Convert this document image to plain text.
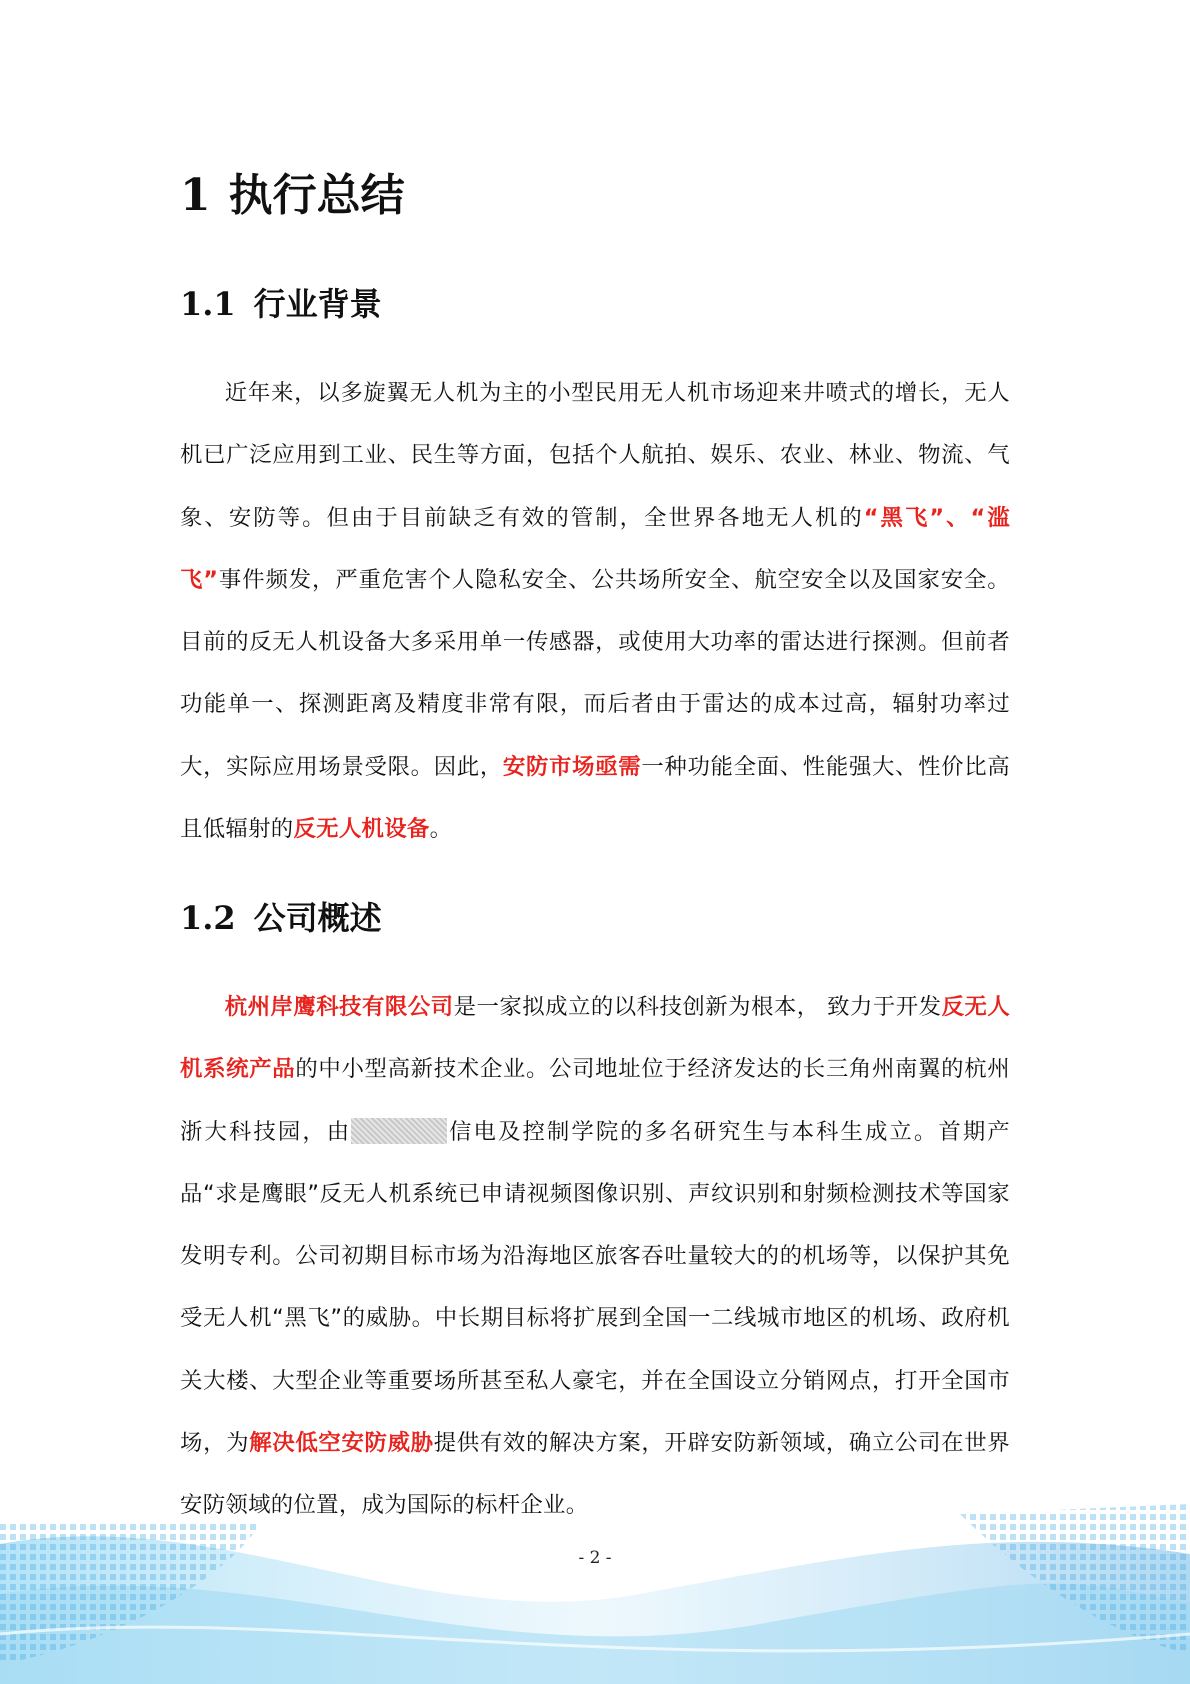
1 执行总结
1.1 行业背景

近年来，以多旋翼无人机为主的小型民用无人机市场迎来井喷式的增长，无人机已广泛应用到工业、民生等方面，包括个人航拍、娱乐、农业、林业、物流、气象、安防等。但由于目前缺乏有效的管制，全世界各地无人机的“黑飞”、“滥飞”事件频发，严重危害个人隐私安全、公共场所安全、航空安全以及国家安全。目前的反无人机设备大多采用单一传感器，或使用大功率的雷达进行探测。但前者功能单一、探测距离及精度非常有限，而后者由于雷达的成本过高，辐射功率过大，实际应用场景受限。因此，安防市场亟需一种功能全面、性能强大、性价比高且低辐射的反无人机设备。

1.2 公司概述

杭州岸鹰科技有限公司是一家拟成立的以科技创新为根本， 致力于开发反无人机系统产品的中小型高新技术企业。公司地址位于经济发达的长三角州南翼的杭州浙大科技园，由	信电及控制学院的多名研究生与本科生成立。首期产品“求是鹰眼”反无人机系统已申请视频图像识别、声纹识别和射频检测技术等国家发明专利。公司初期目标市场为沿海地区旅客吞吐量较大的的机场等，以保护其免受无人机“黑飞”的威胁。中长期目标将扩展到全国一二线城市地区的机场、政府机关大楼、大型企业等重要场所甚至私人豪宅，并在全国设立分销网点，打开全国市场，为解决低空安防威胁提供有效的解决方案，开辟安防新领域，确立公司在世界安防领域的位置，成为国际的标杆企业。

- 2 -
